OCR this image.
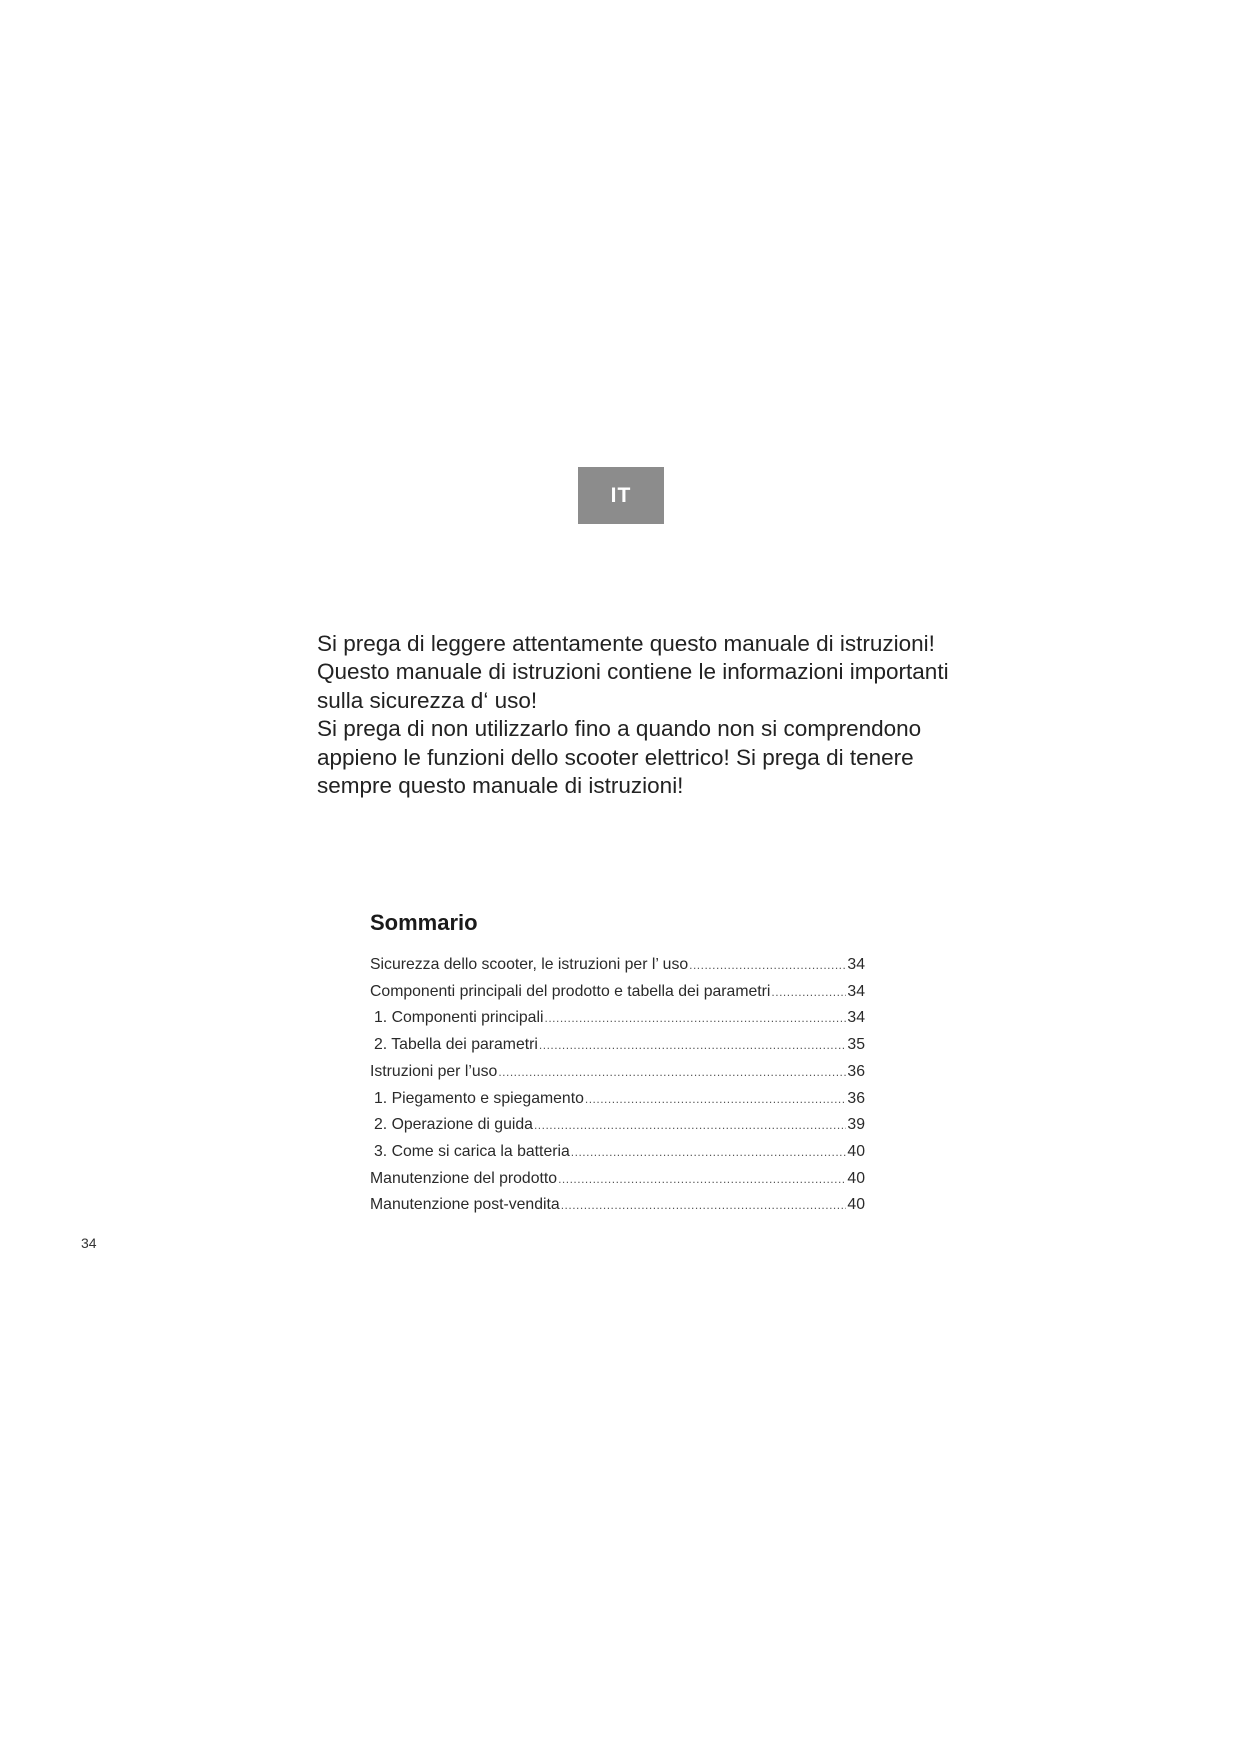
IT
Si prega di leggere attentamente questo manuale di istruzioni!
Questo manuale di istruzioni contiene le informazioni importanti
sulla sicurezza d‘ uso!
Si prega di non utilizzarlo fino a quando non si comprendono
appieno le funzioni dello scooter elettrico! Si prega di tenere
sempre questo manuale di istruzioni!
Sommario
Sicurezza dello scooter, le istruzioni per l’ uso .....	34
Componenti principali del prodotto e tabella dei parametri .....	34
1. Componenti principali .....	34
2. Tabella dei parametri .....	35
Istruzioni per l’uso .....	36
1. Piegamento e spiegamento .....	36
2. Operazione di guida .....	39
3. Come si carica la batteria .....	40
Manutenzione del prodotto .....	40
Manutenzione post-vendita .....	40
34
